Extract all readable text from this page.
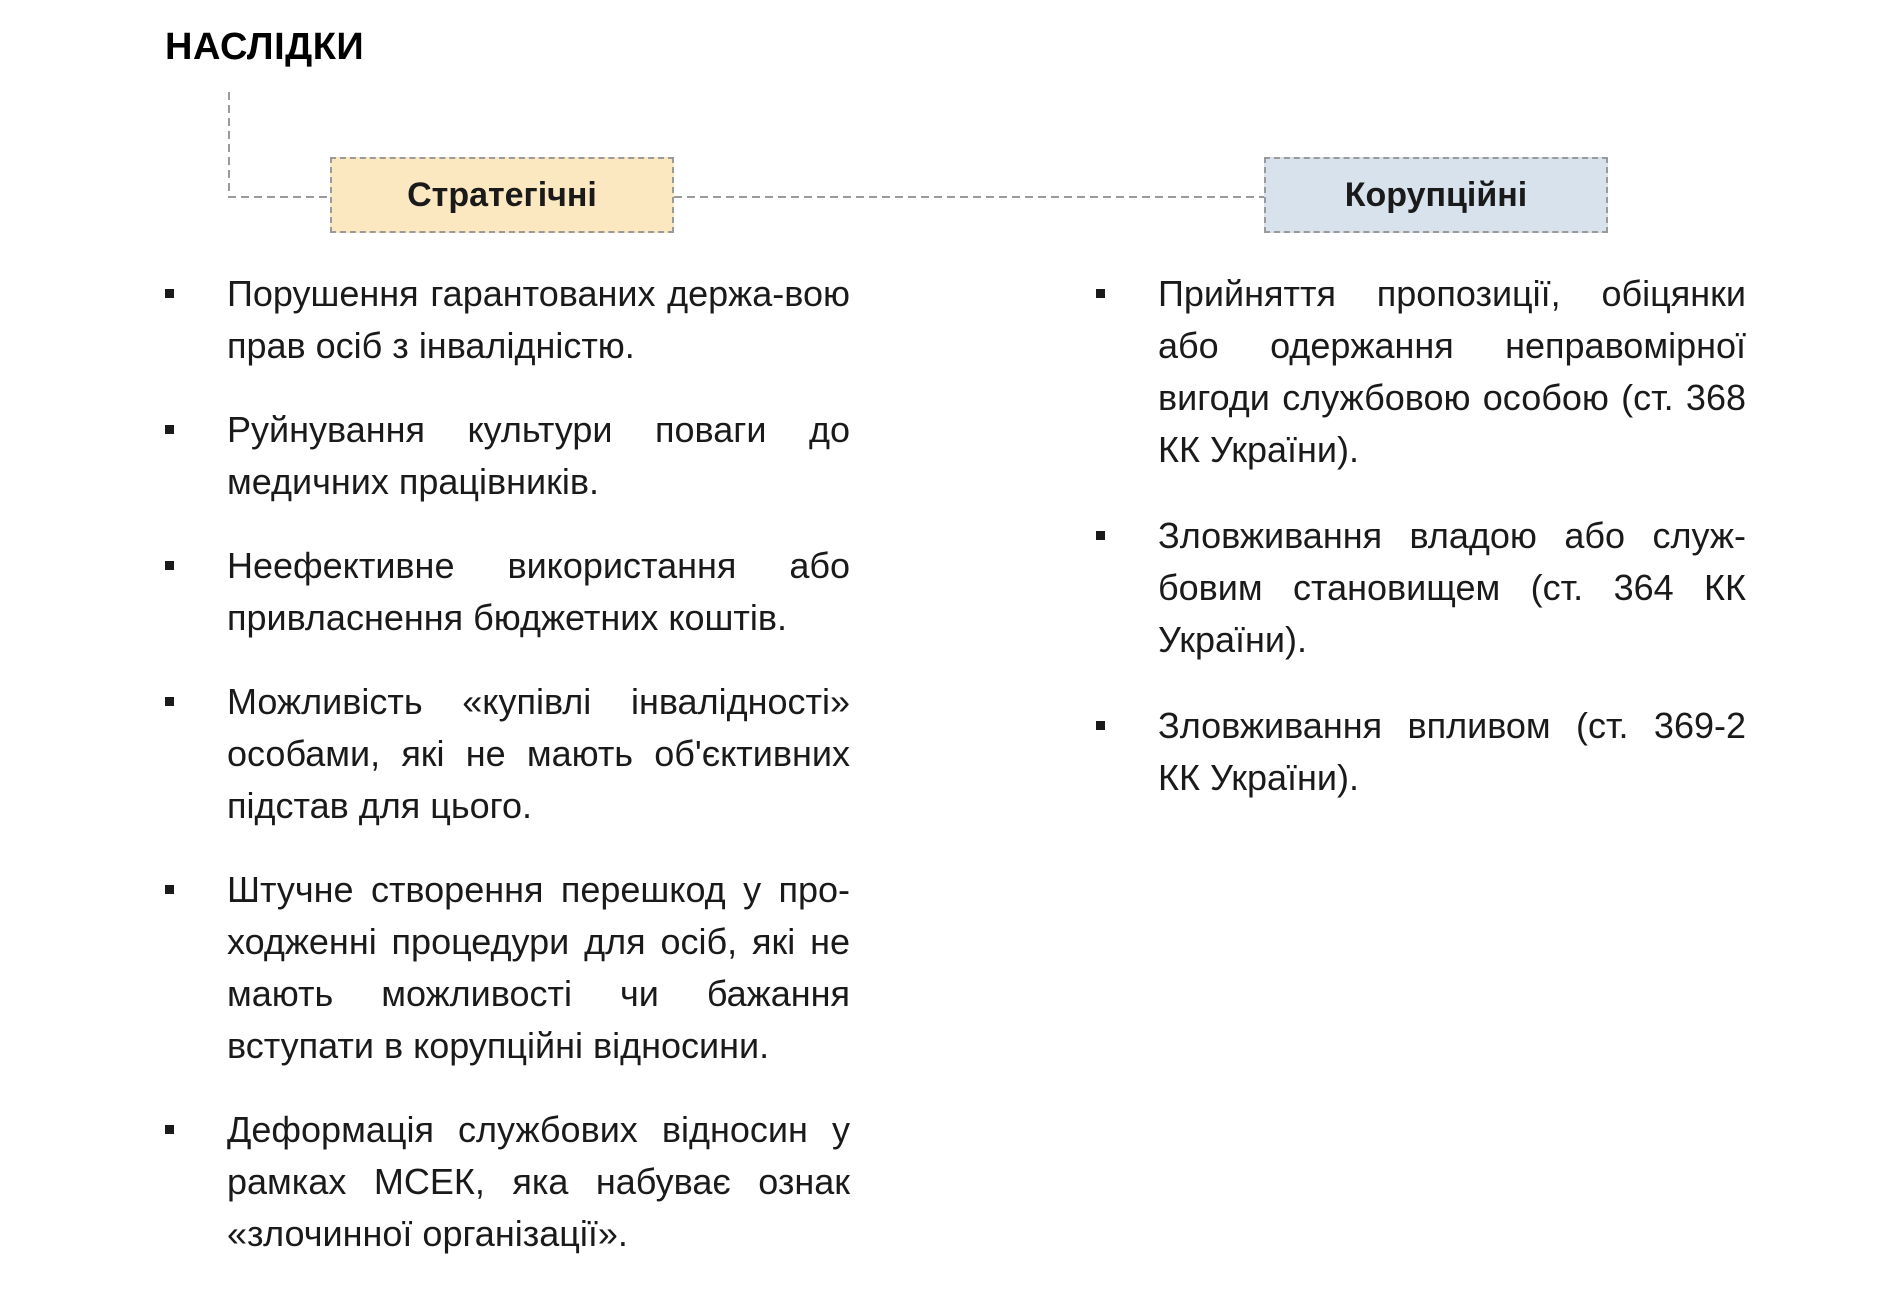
НАСЛІДКИ
Стратегічні	Корупційні
Порушення гарантованих держа-вою прав осіб з інвалідністю.
Руйнування культури поваги до медичних працівників.
Неефективне використання або привласнення бюджетних коштів.
Можливість «купівлі інвалідності» особами, які не мають об'єктивних підстав для цього.
Штучне створення перешкод у про-ходженні процедури для осіб, які не мають можливості чи бажання вступати в корупційні відносини.
Деформація службових відносин у рамках МСЕК, яка набуває ознак «злочинної організації».
Прийняття пропозиції, обіцянки або одержання неправомірної вигоди службовою особою (ст. 368 КК України).
Зловживання владою або служ-бовим становищем (ст. 364 КК України).
Зловживання впливом (ст. 369-2 КК України).
